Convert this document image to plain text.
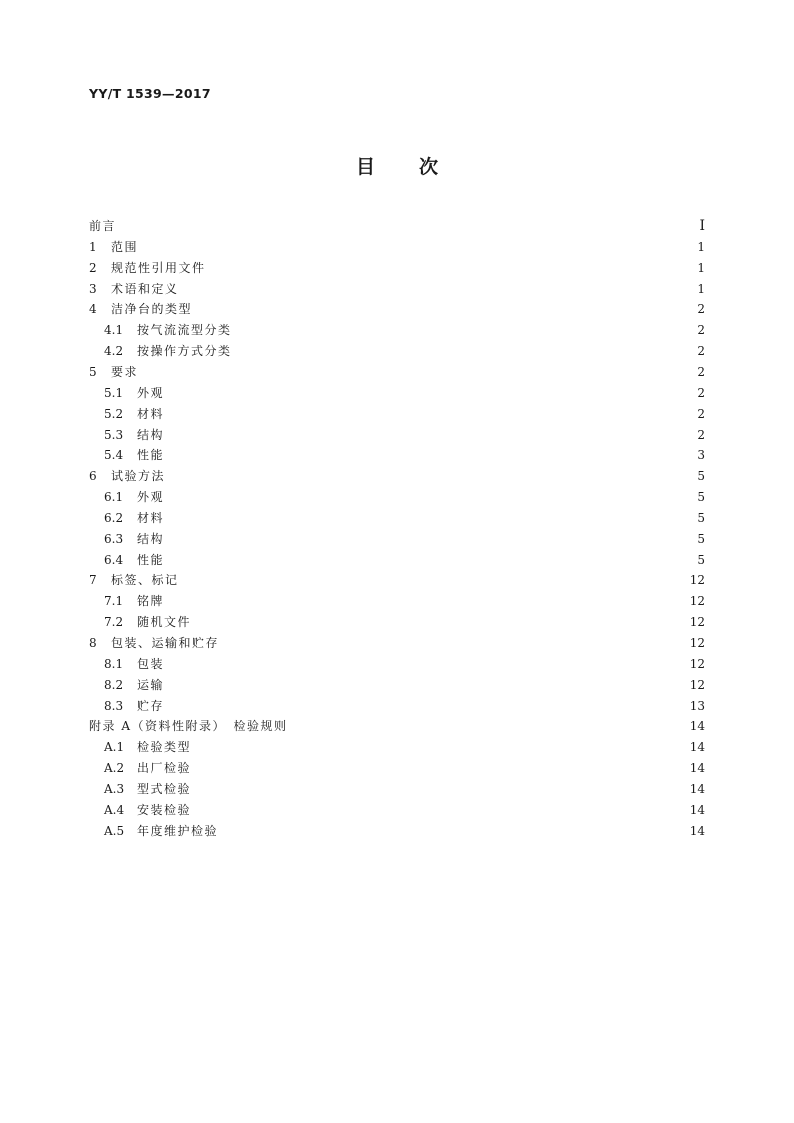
YY/T 1539—2017
目 次
前言	I
1	范围	1
2	规范性引用文件	1
3	术语和定义	1
4	洁净台的类型	2
4.1	按气流流型分类	2
4.2	按操作方式分类	2
5	要求	2
5.1	外观	2
5.2	材料	2
5.3	结构	2
5.4	性能	3
6	试验方法	5
6.1	外观	5
6.2	材料	5
6.3	结构	5
6.4	性能	5
7	标签、标记	12
7.1	铭牌	12
7.2	随机文件	12
8	包装、运输和贮存	12
8.1	包装	12
8.2	运输	12
8.3	贮存	13
附录 A（资料性附录）　检验规则	14
A.1	检验类型	14
A.2	出厂检验	14
A.3	型式检验	14
A.4	安装检验	14
A.5	年度维护检验	14
